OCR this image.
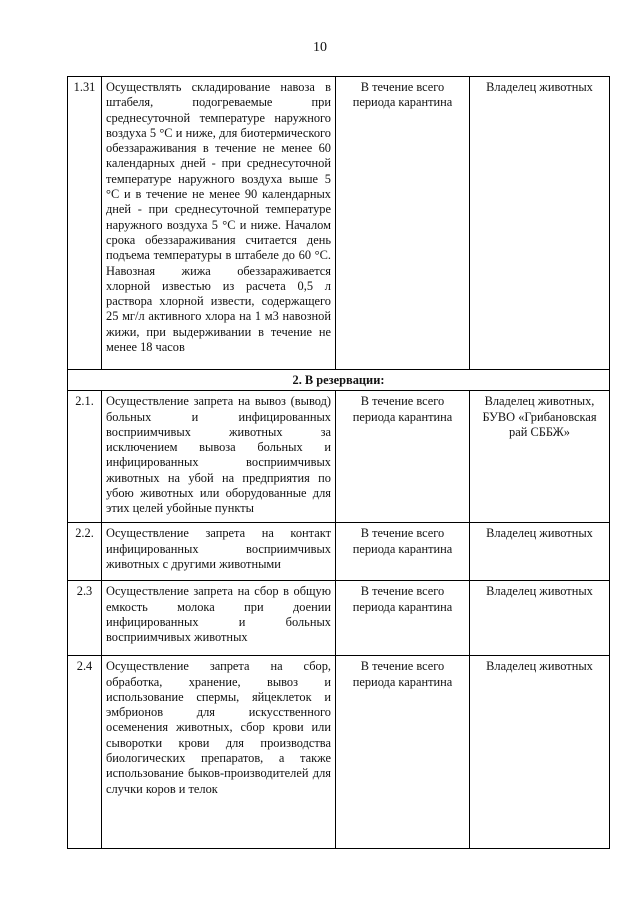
10
1.31	Осуществлять складирование навоза в штабеля, подогреваемые при среднесуточной температуре наружного воздуха 5 °С и ниже, для биотермического обеззараживания в течение не менее 60 календарных дней - при среднесуточной температуре наружного воздуха выше 5 °С и в течение не менее 90 календарных дней - при среднесуточной температуре наружного воздуха 5 °С и ниже. Началом срока обеззараживания считается день подъема температуры в штабеле до 60 °С. Навозная жижа обеззараживается хлорной известью из расчета 0,5 л раствора хлорной извести, содержащего 25 мг/л активного хлора на 1 м3 навозной жижи, при выдерживании в течение не менее 18 часов	В течение всего периода карантина	Владелец животных
2. В резервации:			
2.1.	Осуществление запрета на вывоз (вывод) больных и инфицированных восприимчивых животных за исключением вывоза больных и инфицированных восприимчивых животных на убой на предприятия по убою животных или оборудованные для этих целей убойные пункты	В течение всего периода карантина	Владелец животных, БУВО «Грибановская рай СББЖ»
2.2.	Осуществление запрета на контакт инфицированных восприимчивых животных с другими животными	В течение всего периода карантина	Владелец животных
2.3	Осуществление запрета на сбор в общую емкость молока при доении инфицированных и больных восприимчивых животных	В течение всего периода карантина	Владелец животных
2.4	Осуществление запрета на сбор, обработка, хранение, вывоз и использование спермы, яйцеклеток и эмбрионов для искусственного осеменения животных, сбор крови или сыворотки крови для производства биологических препаратов, а также использование быков-производителей для случки коров и телок	В течение всего периода карантина	Владелец животных
